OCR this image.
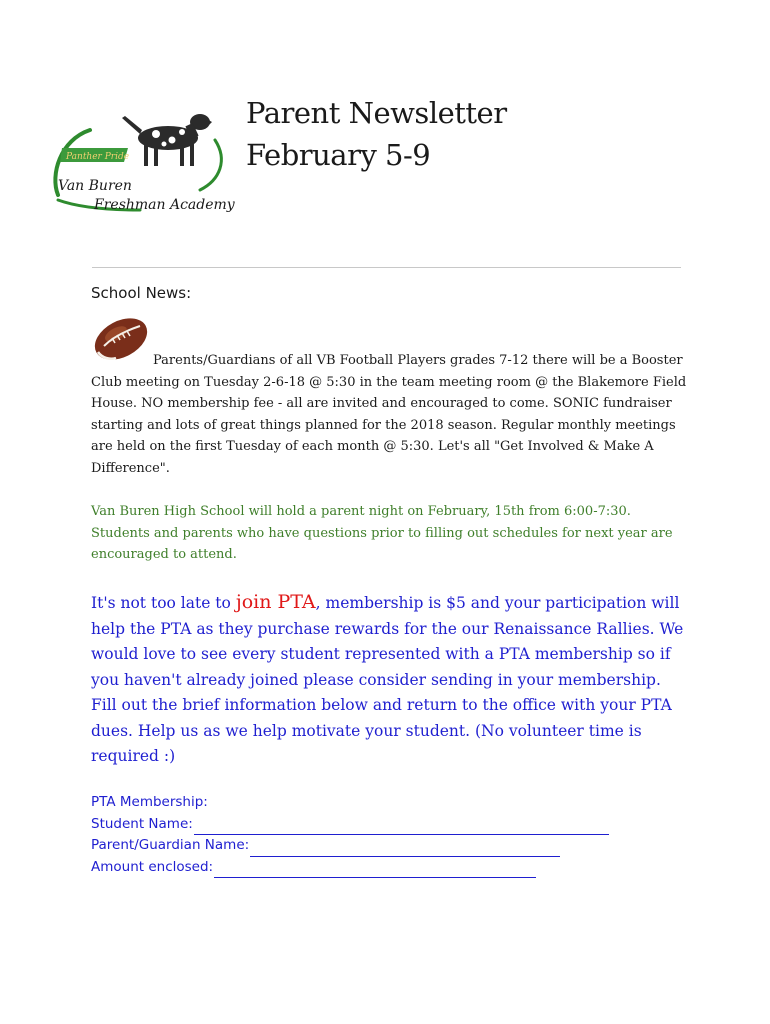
Panther Pride
Van Buren
Freshman Academy
Parent Newsletter
February 5-9
School News:

Parents/Guardians of all VB Football Players grades 7-12 there will be a Booster Club meeting on Tuesday 2-6-18 @ 5:30 in the team meeting room @ the Blakemore Field House. NO membership fee - all are invited and encouraged to come. SONIC fundraiser starting and lots of great things planned for the 2018 season. Regular monthly meetings are held on the first Tuesday of each month @ 5:30. Let's all "Get Involved & Make A Difference".

Van Buren High School will hold a parent night on February, 15th from 6:00-7:30. Students and parents who have questions prior to filling out schedules for next year are encouraged to attend.

It's not too late to join PTA, membership is $5 and your participation will help the PTA as they purchase rewards for the our Renaissance Rallies. We would love to see every student represented with a PTA membership so if you haven't already joined please consider sending in your membership. Fill out the brief information below and return to the office with your PTA dues. Help us as we help motivate your student. (No volunteer time is required :)

PTA Membership:
Student Name:
Parent/Guardian Name:
Amount enclosed:
